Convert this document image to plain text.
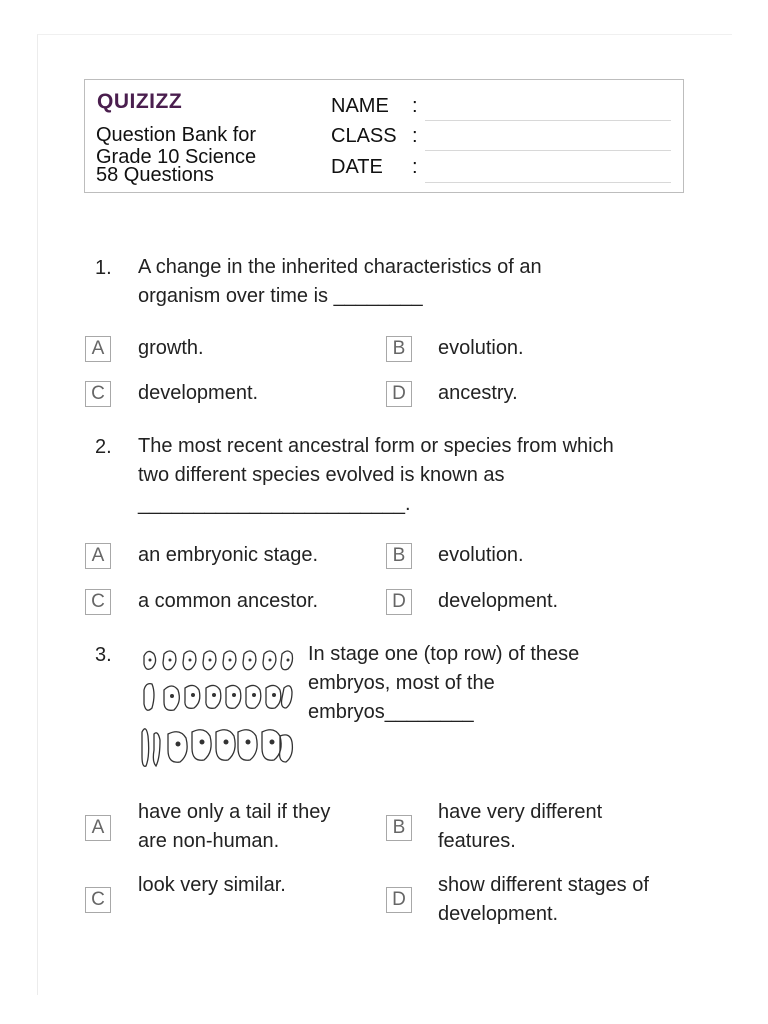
QUIZIZZ
Question Bank for
Grade 10 Science
58 Questions
NAME :
CLASS :
DATE :
1. A change in the inherited characteristics of an
organism over time is ________
A	growth.	B	evolution.
C	development.	D	ancestry.
2. The most recent ancestral form or species from which
two different species evolved is known as
________________________.
A	an embryonic stage.	B	evolution.
C	a common ancestor.	D	development.
3.	In stage one (top row) of these
embryos, most of the
embryos________
A
have only a tail if they
are non-human.
B
have very different
features.
C
look very similar.
D
show different stages of
development.
